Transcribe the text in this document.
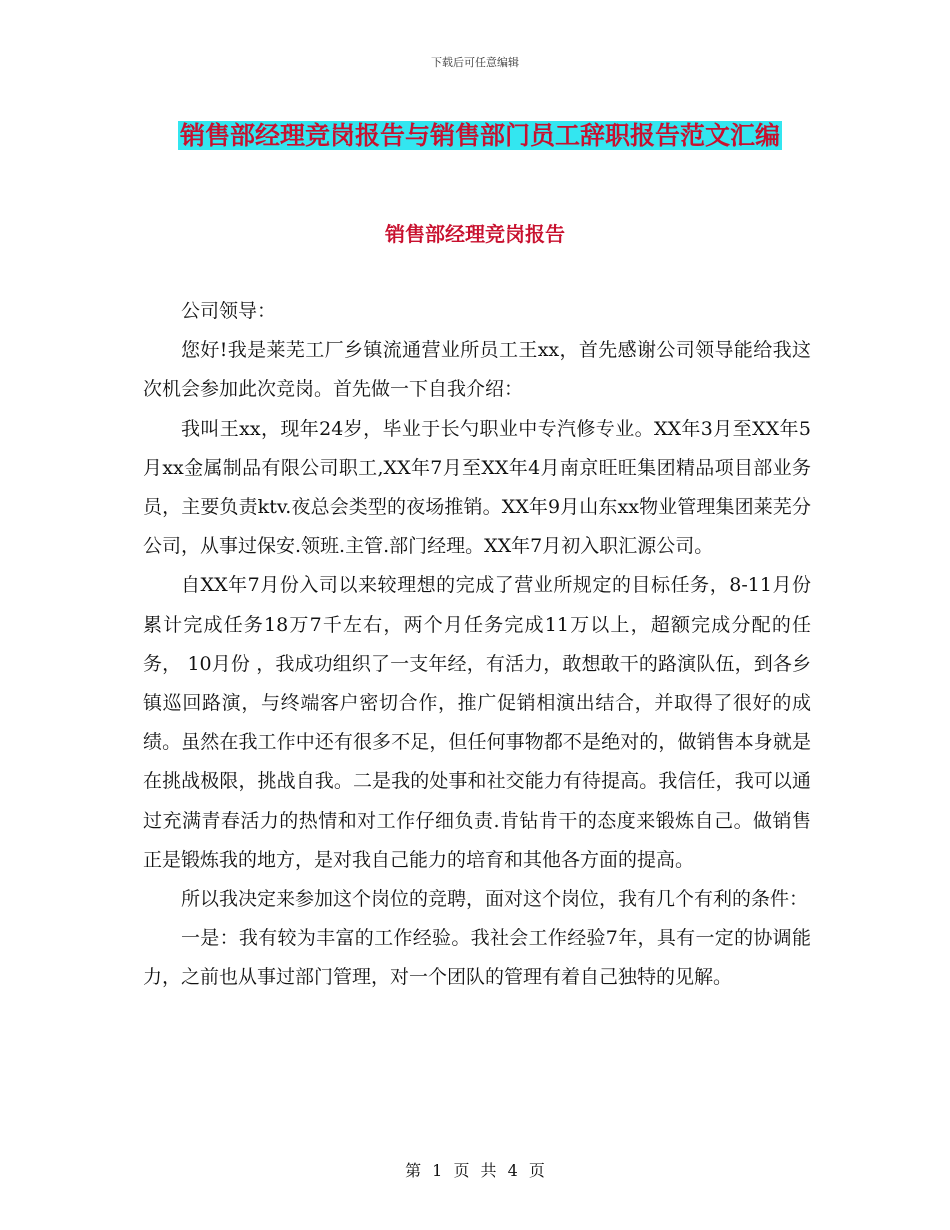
下载后可任意编辑
销售部经理竞岗报告与销售部门员工辞职报告范文汇编
销售部经理竞岗报告

公司领导：

您好!我是莱芜工厂乡镇流通营业所员工王xx，首先感谢公司领导能给我这次机会参加此次竞岗。首先做一下自我介绍：

我叫王xx，现年24岁，毕业于长勺职业中专汽修专业。XX年3月至XX年5月xx金属制品有限公司职工,XX年7月至XX年4月南京旺旺集团精品项目部业务员，主要负责ktv.夜总会类型的夜场推销。XX年9月山东xx物业管理集团莱芜分公司，从事过保安.领班.主管.部门经理。XX年7月初入职汇源公司。

自XX年7月份入司以来较理想的完成了营业所规定的目标任务，8-11月份累计完成任务18万7千左右，两个月任务完成11万以上，超额完成分配的任务， 10月份 ，我成功组织了一支年经，有活力，敢想敢干的路演队伍，到各乡镇巡回路演，与终端客户密切合作，推广促销相演出结合，并取得了很好的成绩。虽然在我工作中还有很多不足，但任何事物都不是绝对的，做销售本身就是在挑战极限，挑战自我。二是我的处事和社交能力有待提高。我信任，我可以通过充满青春活力的热情和对工作仔细负责.肯钻肯干的态度来锻炼自己。做销售正是锻炼我的地方，是对我自己能力的培育和其他各方面的提高。

所以我决定来参加这个岗位的竞聘，面对这个岗位，我有几个有利的条件：

一是：我有较为丰富的工作经验。我社会工作经验7年，具有一定的协调能力，之前也从事过部门管理，对一个团队的管理有着自己独特的见解。

第 1 页 共 4 页
